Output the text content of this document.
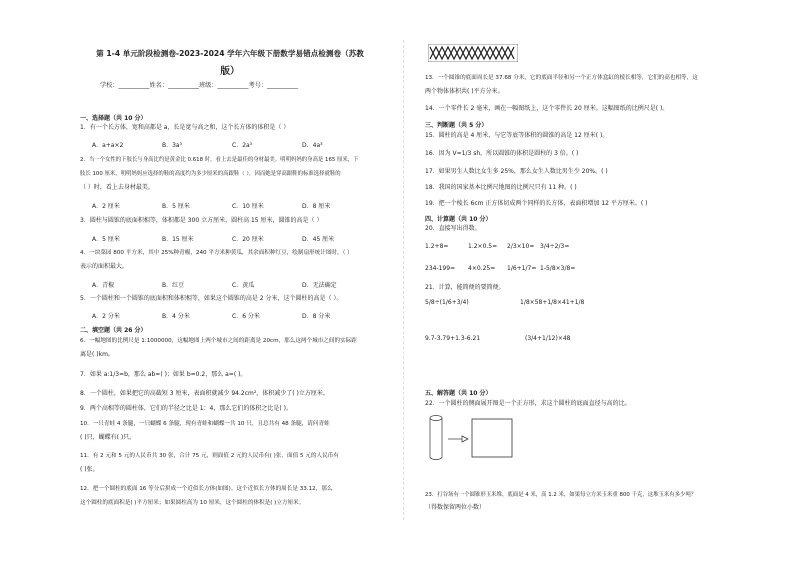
第 1-4 单元阶段检测卷-2023-2024 学年六年级下册数学易错点检测卷（苏教
版）
学校：__________姓名：__________班级：__________考号：__________
一、选择题（共 10 分）
1．有一个长方体，宽和高都是 a，长是宽与高之和，这个长方体的体积是（ ）
A．a+a×2	B．3a³	C．2a³	D．4a³
2．当一个女性的下肢长与身高比约是黄金比 0.618 时，看上去是最佳的身材最美。明明妈妈的身高是 165 厘米，下
肢长 100 厘米，明明妈妈应选择的鞋的高度约为多少厘米的高跟鞋（ ），因而她是穿高跟鞋的标准选择就鞋的
（ ）时，看上去身材最美。
A．2 厘米	B．5 厘米	C．10 厘米	D．8 厘米
3．圆柱与圆锥的底面积相等，体积都是 300 立方厘米，圆柱高 15 厘米，圆锥的高是（ ）
A．5 厘米	B．15 厘米	C．20 厘米	D．45 厘米
4．一块菜园 800 平方米，其中 25%种青椒，240 平方米种黄瓜，其余面积种红豆，绘制扇形统计图时，（ ）
表示的面积最大。
A．青椒	B．红豆	C．黄瓜	D．无法确定
5．一个圆柱和一个圆锥的底面积和体积相等，如果这个圆锥的高是 2 分米，这个圆柱的高是（ ）。
A．2 分米	B．4 分米	C．6 分米	D．8 分米
二、填空题（共 26 分）
6．一幅地图的比例尺是 1:1000000，这幅地图上两个城市之间的距离是 20cm，那么这两个城市之间的实际距
离是( )km。
7．如果 a:1/3=b，那么 ab=( )；如果 b=0.2，那么 a=( )。
8．一个圆柱，如果把它的高截短 3 厘米，表面积就减少 94.2cm²，体积减少了( )立方厘米。
9．两个高相等的圆柱体，它们的半径之比是 1：4，那么它们的体积之比是( )。
10．一只青蛙 4 条腿，一只蝴蝶 6 条腿，现有青蛙和蝴蝶一共 10 只，且总共有 48 条腿，请问青蛙
( )只，蝴蝶有( )只。
11．有 2 元和 5 元的人民币共 30 张，合计 75 元，则面值 2 元的人民币有( )张，面值 5 元的人民币有
( )张。
12．把一个圆柱的底面 16 等分后拼成一个近似长方体(如图)。这个近似长方体的周长是 33.12，那么
这个圆柱的底面积是( )平方厘米；如果圆柱高为 10 厘米，这个圆柱的体积是( )立方厘米。
13．一个圆锥的底面周长是 37.68 分米，它的底面半径和另一个正方体盒缸的棱长相等，它们的高也相等，这
两个物体体积共( )平方分米。
14．一个零件长 2 毫米，画在一幅图纸上，这个零件长 20 厘米。这幅图纸的比例尺是( )。
三、判断题（共 5 分）
15．圆柱的高是 4 厘米，与它等底等体积的圆锥的高是 12 厘米( )。
16．因为 V=1/3 sh，所以圆锥的体积是圆柱的 3 倍。( )
17．如果男生人数比女生多 25%，那么女生人数比男生少 20%。( )
18．我国的国家基本比例尺地图的比例尺只有 11 种。( )
19．把一个棱长 6cm 正方体切成两个同样的长方体，表面积增加 12 平方厘米。( )
四、计算题（共 10 分）
20．直接写出得数。
1.2+8=	1.2×0.5= 2/3×10= 3/4÷2/3=
234-199= 4×0.25= 1/6+1/7= 1-5/8×3/8=
21．计算，能简便的要简便。
5/8÷(1/6+3/4)	1/8×58+1/8×41+1/8
9.7-3.79+1.3-6.21	(3/4+1/12)×48
五、解答题（共 10 分）
22．一个圆柱的侧面展开图是一个正方形，求这个圆柱的底面直径与高的比。
23．打谷场有一个圆锥形玉米堆，底面是 4 米，高 1.2 米，如果每立方米玉米重 800 千克，这堆玉米有多少吨？
（得数保留两位小数）
